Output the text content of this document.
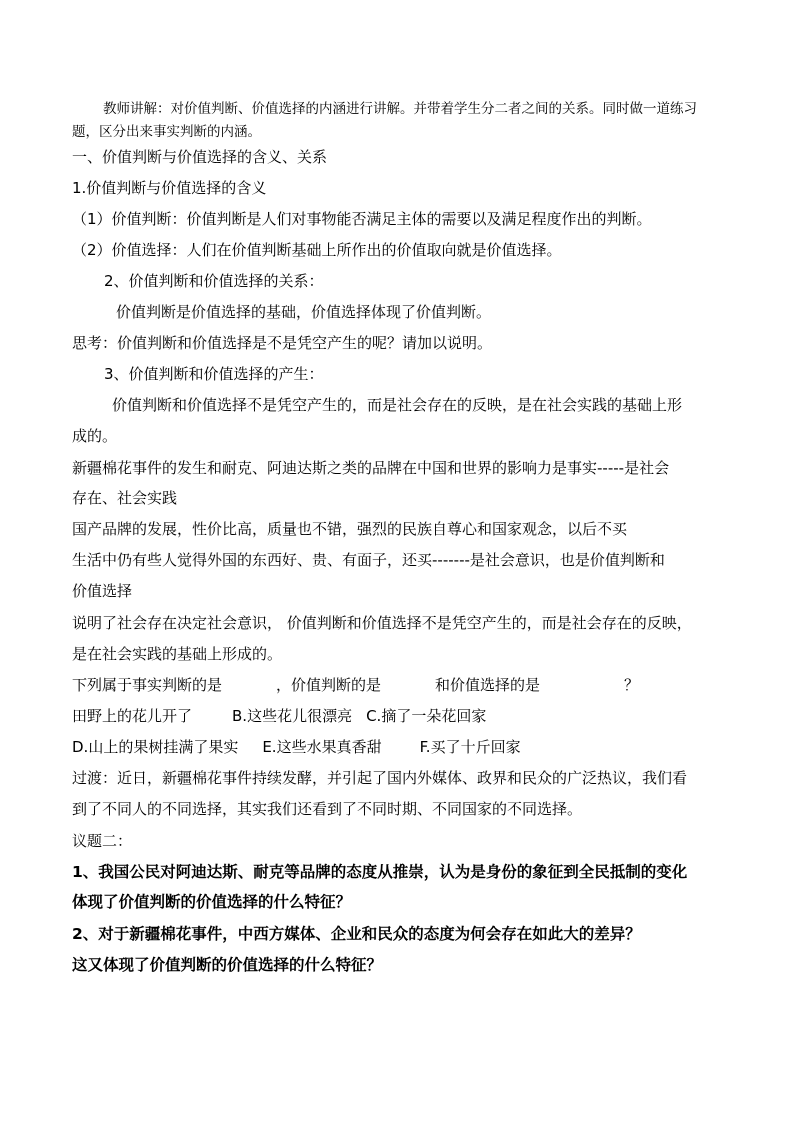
教师讲解：对价值判断、价值选择的内涵进行讲解。并带着学生分二者之间的关系。同时做一道练习
题，区分出来事实判断的内涵。
一、价值判断与价值选择的含义、关系
1.价值判断与价值选择的含义
（1）价值判断：价值判断是人们对事物能否满足主体的需要以及满足程度作出的判断。
（2）价值选择：人们在价值判断基础上所作出的价值取向就是价值选择。
2、价值判断和价值选择的关系：
价值判断是价值选择的基础，价值选择体现了价值判断。
思考：价值判断和价值选择是不是凭空产生的呢？请加以说明。
3、价值判断和价值选择的产生：
价值判断和价值选择不是凭空产生的，而是社会存在的反映，是在社会实践的基础上形
成的。
新疆棉花事件的发生和耐克、阿迪达斯之类的品牌在中国和世界的影响力是事实-----是社会
存在、社会实践
国产品牌的发展，性价比高，质量也不错，强烈的民族自尊心和国家观念，以后不买
生活中仍有些人觉得外国的东西好、贵、有面子，还买-------是社会意识，也是价值判断和
价值选择
说明了社会存在决定社会意识， 价值判断和价值选择不是凭空产生的，而是社会存在的反映，
是在社会实践的基础上形成的。
下列属于事实判断的是	，价值判断的是	和价值选择的是	？
田野上的花儿开了	B.这些花儿很漂亮 C.摘了一朵花回家
D.山上的果树挂满了果实 E.这些水果真香甜	F.买了十斤回家
过渡：近日，新疆棉花事件持续发酵，并引起了国内外媒体、政界和民众的广泛热议，我们看
到了不同人的不同选择，其实我们还看到了不同时期、不同国家的不同选择。
议题二：
1、我国公民对阿迪达斯、耐克等品牌的态度从推崇，认为是身份的象征到全民抵制的变化
体现了价值判断的价值选择的什么特征？
2、对于新疆棉花事件，中西方媒体、企业和民众的态度为何会存在如此大的差异？
这又体现了价值判断的价值选择的什么特征？
